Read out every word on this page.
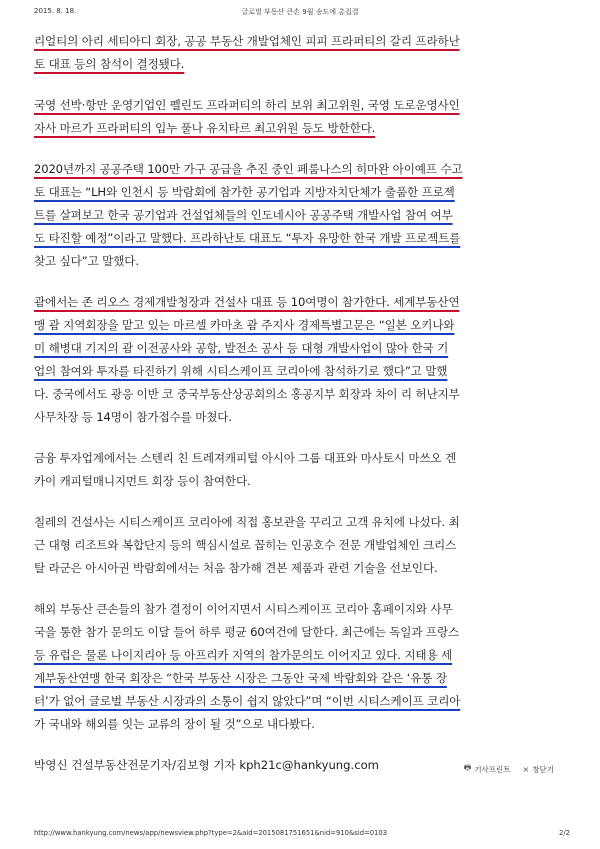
2015. 8. 18.	글로벌 부동산 큰손 9월 송도에 총집결

리얼티의 아리 세티아디 회장, 공공 부동산 개발업체인 피피 프라퍼티의 갈리 프라하난
토 대표 등의 참석이 결정됐다.

국영 선박·항만 운영기업인 펠린도 프라퍼티의 하리 보위 최고위원, 국영 도로운영사인
자사 마르가 프라퍼티의 입누 풀나 유치타르 최고위원 등도 방한한다.

2020년까지 공공주택 100만 가구 공급을 추진 중인 페룸나스의 히마완 아이예프 수고
토 대표는 “LH와 인천시 등 박람회에 참가한 공기업과 지방자치단체가 출품한 프로젝
트를 살펴보고 한국 공기업과 건설업체들의 인도네시아 공공주택 개발사업 참여 여부
도 타진할 예정”이라고 말했다. 프라하난토 대표도 “투자 유망한 한국 개발 프로젝트를
찾고 싶다”고 말했다.

괌에서는 존 리오스 경제개발청장과 건설사 대표 등 10여명이 참가한다. 세계부동산연
맹 괌 지역회장을 맡고 있는 마르셀 카마초 괌 주지사 경제특별고문은 “일본 오키나와
미 해병대 기지의 괌 이전공사와 공항, 발전소 공사 등 대형 개발사업이 많아 한국 기
업의 참여와 투자를 타진하기 위해 시티스케이프 코리아에 참석하기로 했다”고 말했
다. 중국에서도 광응 이반 코 중국부동산상공회의소 홍공지부 회장과 차이 리 허난지부
사무차장 등 14명이 참가접수를 마쳤다.

금융 투자업계에서는 스텐리 친 트레져캐피털 아시아 그룹 대표와 마사토시 마쓰오 겐
카이 캐피털매니지먼트 회장 등이 참여한다.

칠레의 건설사는 시티스케이프 코리아에 직접 홍보관을 꾸리고 고객 유치에 나섰다. 최
근 대형 리조트와 복합단지 등의 핵심시설로 꼽히는 인공호수 전문 개발업체인 크리스
탈 라군은 아시아권 박람회에서는 처음 참가해 견본 제품과 관련 기술을 선보인다.

해외 부동산 큰손들의 참가 결정이 이어지면서 시티스케이프 코리아 홈페이지와 사무
국을 통한 참가 문의도 이달 들어 하루 평균 60여건에 달한다. 최근에는 독일과 프랑스
등 유럽은 물론 나이지리아 등 아프리카 지역의 참가문의도 이어지고 있다. 지태용 세
계부동산연맹 한국 회장은 “한국 부동산 시장은 그동안 국제 박람회와 같은 ‘유통 장
터’가 없어 글로벌 부동산 시장과의 소통이 쉽지 않았다”며 “이번 시티스케이프 코리아
가 국내와 해외를 잇는 교류의 장이 될 것”으로 내다봤다.

박영신 건설부동산전문기자/김보형 기자 kph21c@hankyung.com	🖶 기사프린트 × 창닫기
http://www.hankyung.com/news/app/newsview.php?type=2&aid=2015081751651&nid=910&sid=0103	2/2
